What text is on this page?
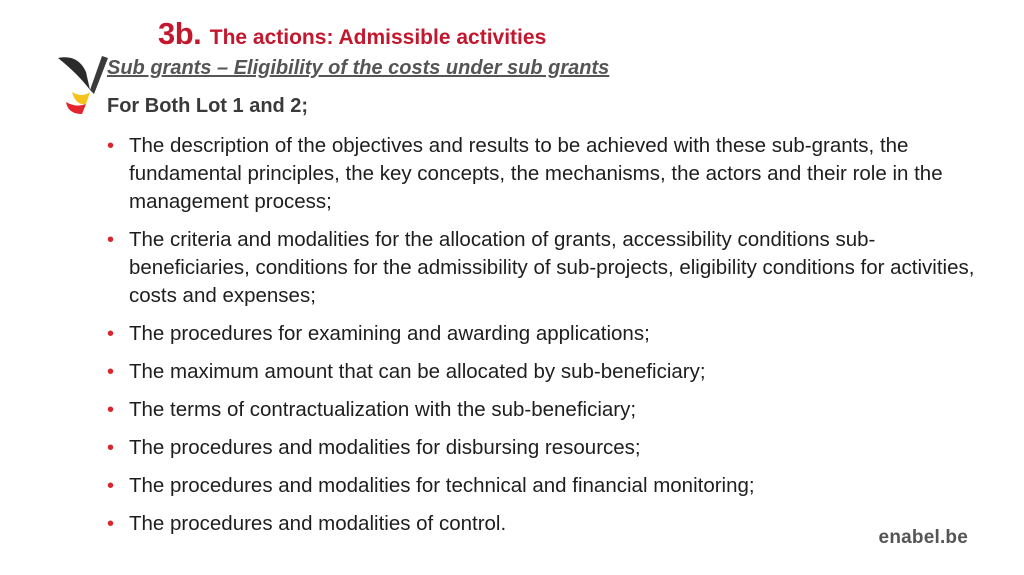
3b. The actions: Admissible activities
Sub grants – Eligibility of the costs under sub grants
For Both Lot 1 and 2;
• The description of the objectives and results to be achieved with these sub-grants, the fundamental principles, the key concepts, the mechanisms, the actors and their role in the management process;
• The criteria and modalities for the allocation of grants, accessibility conditions sub-beneficiaries, conditions for the admissibility of sub-projects, eligibility conditions for activities, costs and expenses;
• The procedures for examining and awarding applications;
• The maximum amount that can be allocated by sub-beneficiary;
• The terms of contractualization with the sub-beneficiary;
• The procedures and modalities for disbursing resources;
• The procedures and modalities for technical and financial monitoring;
• The procedures and modalities of control.
enabel.be
